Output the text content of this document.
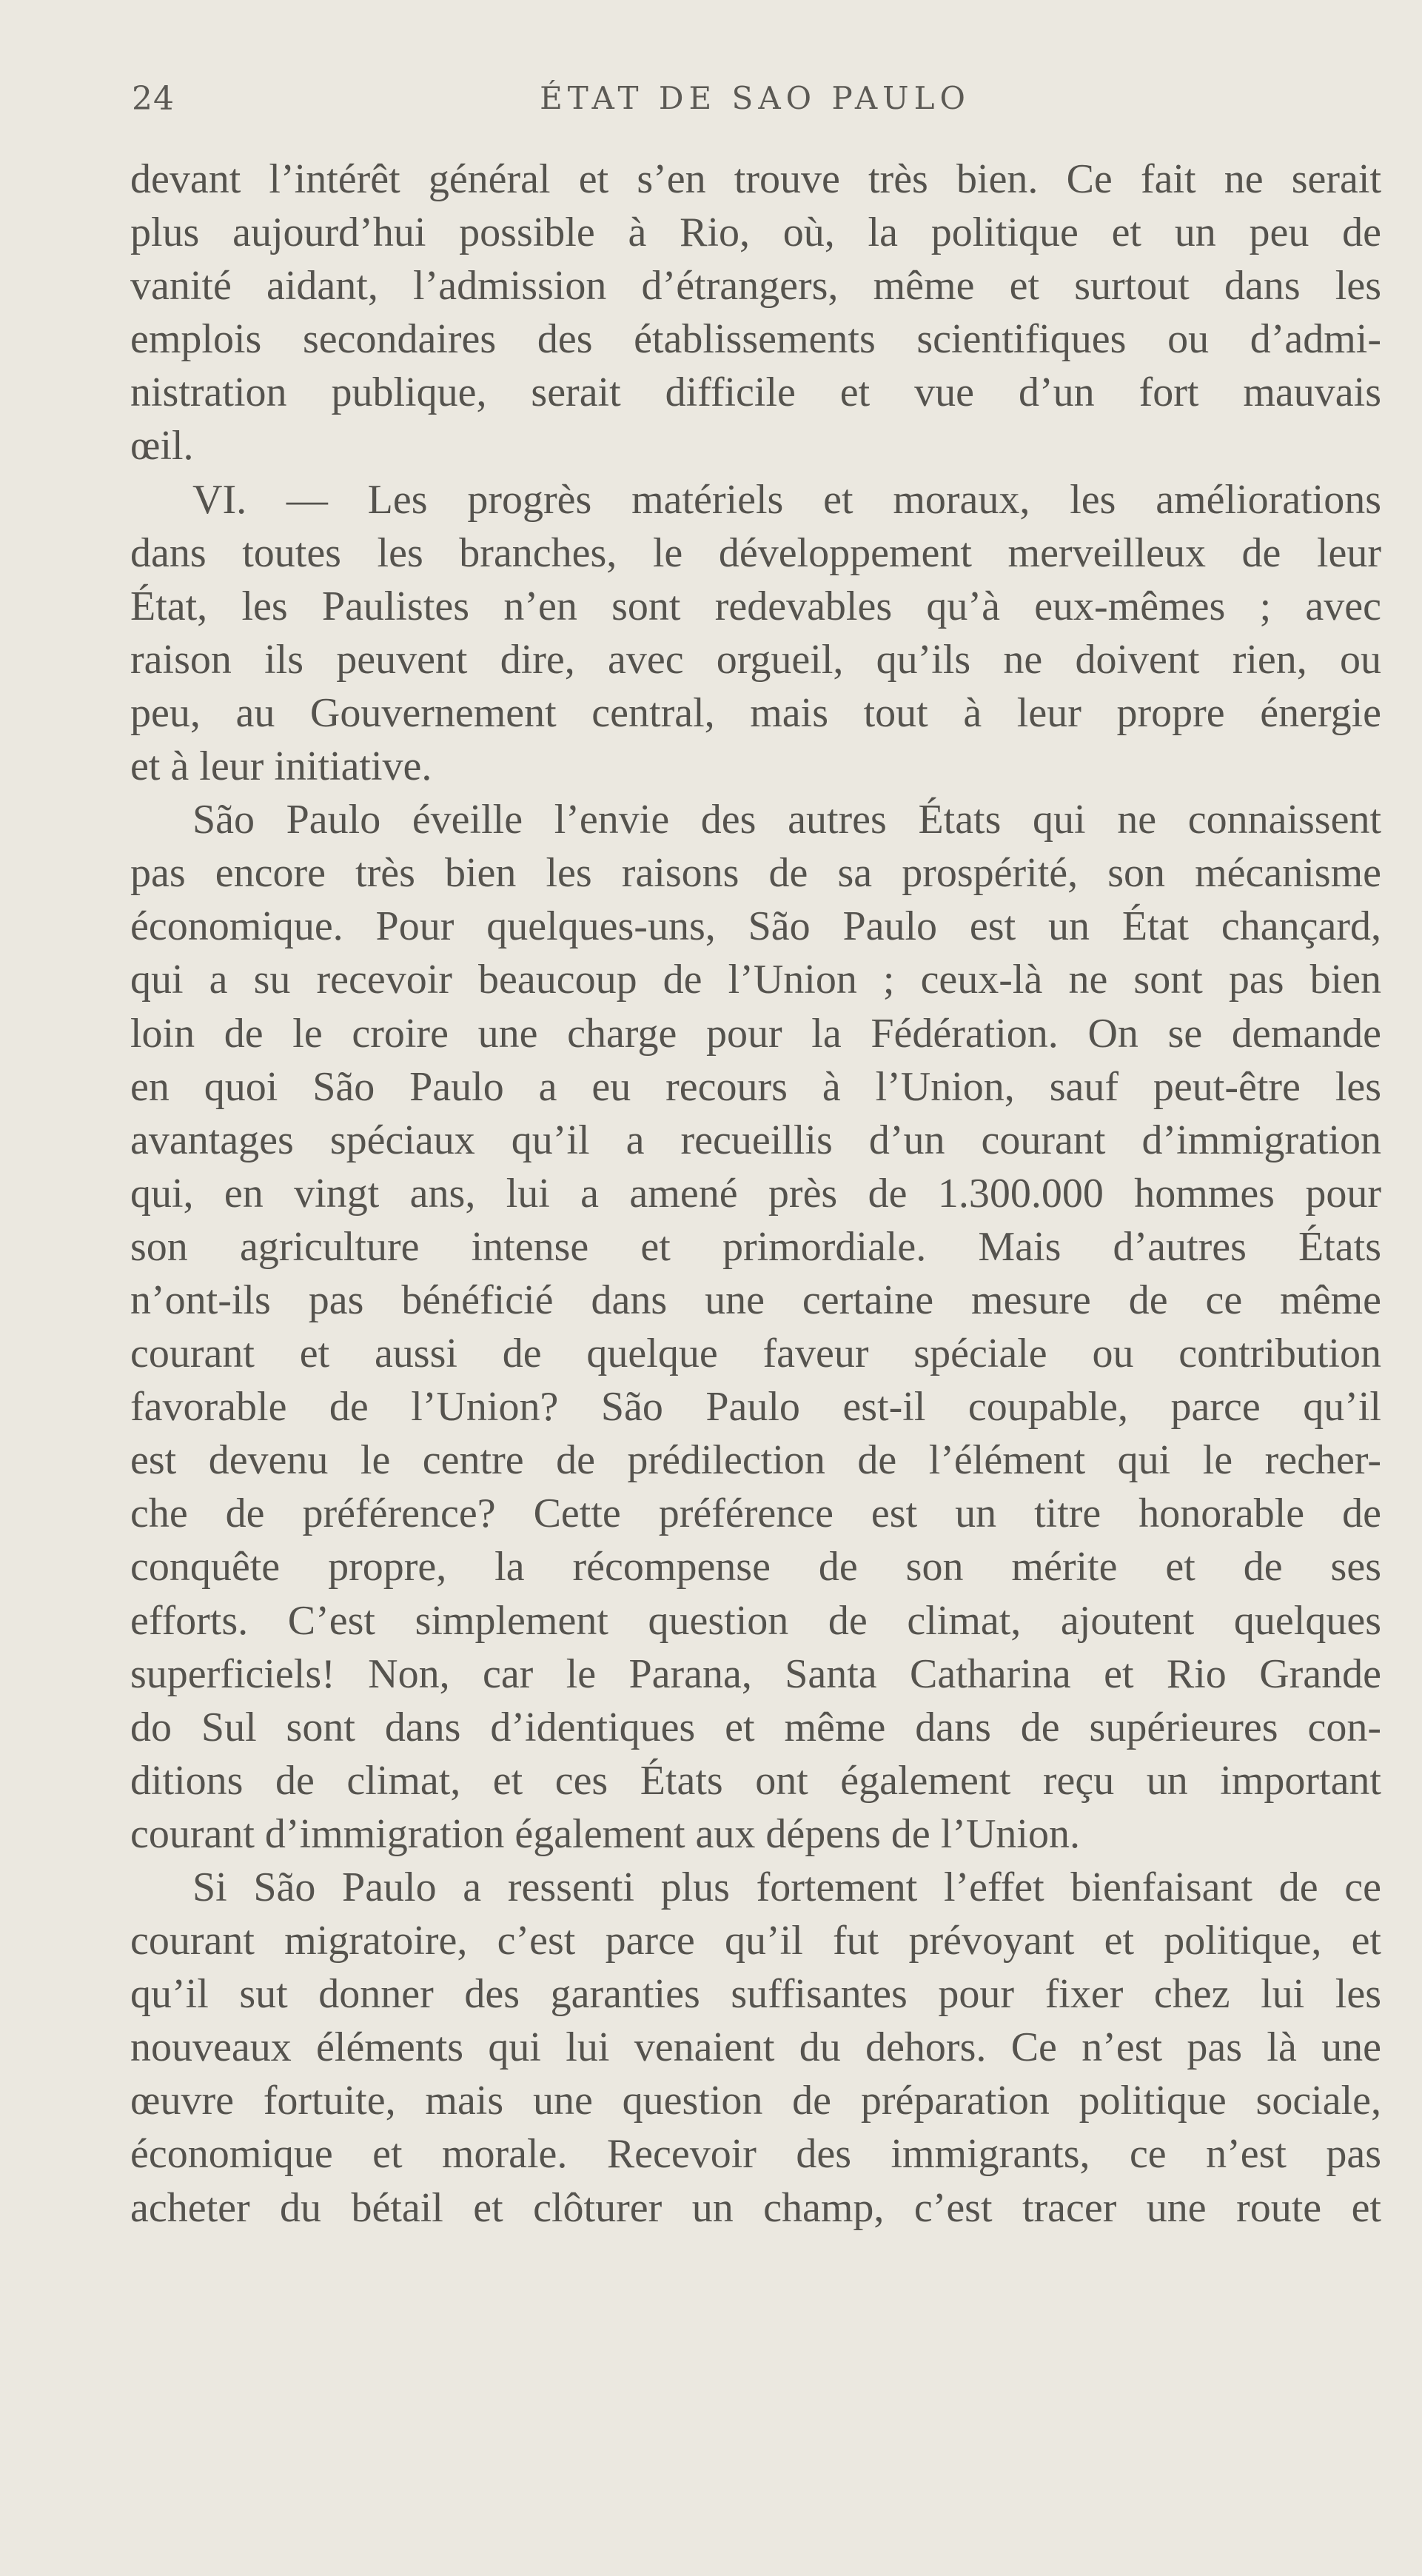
24	ÉTAT DE SAO PAULO
devant l’intérêt général et s’en trouve très bien. Ce fait ne serait
plus aujourd’hui possible à Rio, où, la politique et un peu de
vanité aidant, l’admission d’étrangers, même et surtout dans les
emplois secondaires des établissements scientifiques ou d’admi-
nistration publique, serait difficile et vue d’un fort mauvais
œil.
VI. — Les progrès matériels et moraux, les améliorations
dans toutes les branches, le développement merveilleux de leur
État, les Paulistes n’en sont redevables qu’à eux-mêmes ; avec
raison ils peuvent dire, avec orgueil, qu’ils ne doivent rien, ou
peu, au Gouvernement central, mais tout à leur propre énergie
et à leur initiative.
São Paulo éveille l’envie des autres États qui ne connaissent
pas encore très bien les raisons de sa prospérité, son mécanisme
économique. Pour quelques-uns, São Paulo est un État chançard,
qui a su recevoir beaucoup de l’Union ; ceux-là ne sont pas bien
loin de le croire une charge pour la Fédération. On se demande
en quoi São Paulo a eu recours à l’Union, sauf peut-être les
avantages spéciaux qu’il a recueillis d’un courant d’immigration
qui, en vingt ans, lui a amené près de 1.300.000 hommes pour
son agriculture intense et primordiale. Mais d’autres États
n’ont-ils pas bénéficié dans une certaine mesure de ce même
courant et aussi de quelque faveur spéciale ou contribution
favorable de l’Union? São Paulo est-il coupable, parce qu’il
est devenu le centre de prédilection de l’élément qui le recher-
che de préférence? Cette préférence est un titre honorable de
conquête propre, la récompense de son mérite et de ses
efforts. C’est simplement question de climat, ajoutent quelques
superficiels! Non, car le Parana, Santa Catharina et Rio Grande
do Sul sont dans d’identiques et même dans de supérieures con-
ditions de climat, et ces États ont également reçu un important
courant d’immigration également aux dépens de l’Union.
Si São Paulo a ressenti plus fortement l’effet bienfaisant de ce
courant migratoire, c’est parce qu’il fut prévoyant et politique, et
qu’il sut donner des garanties suffisantes pour fixer chez lui les
nouveaux éléments qui lui venaient du dehors. Ce n’est pas là une
œuvre fortuite, mais une question de préparation politique sociale,
économique et morale. Recevoir des immigrants, ce n’est pas
acheter du bétail et clôturer un champ, c’est tracer une route et
